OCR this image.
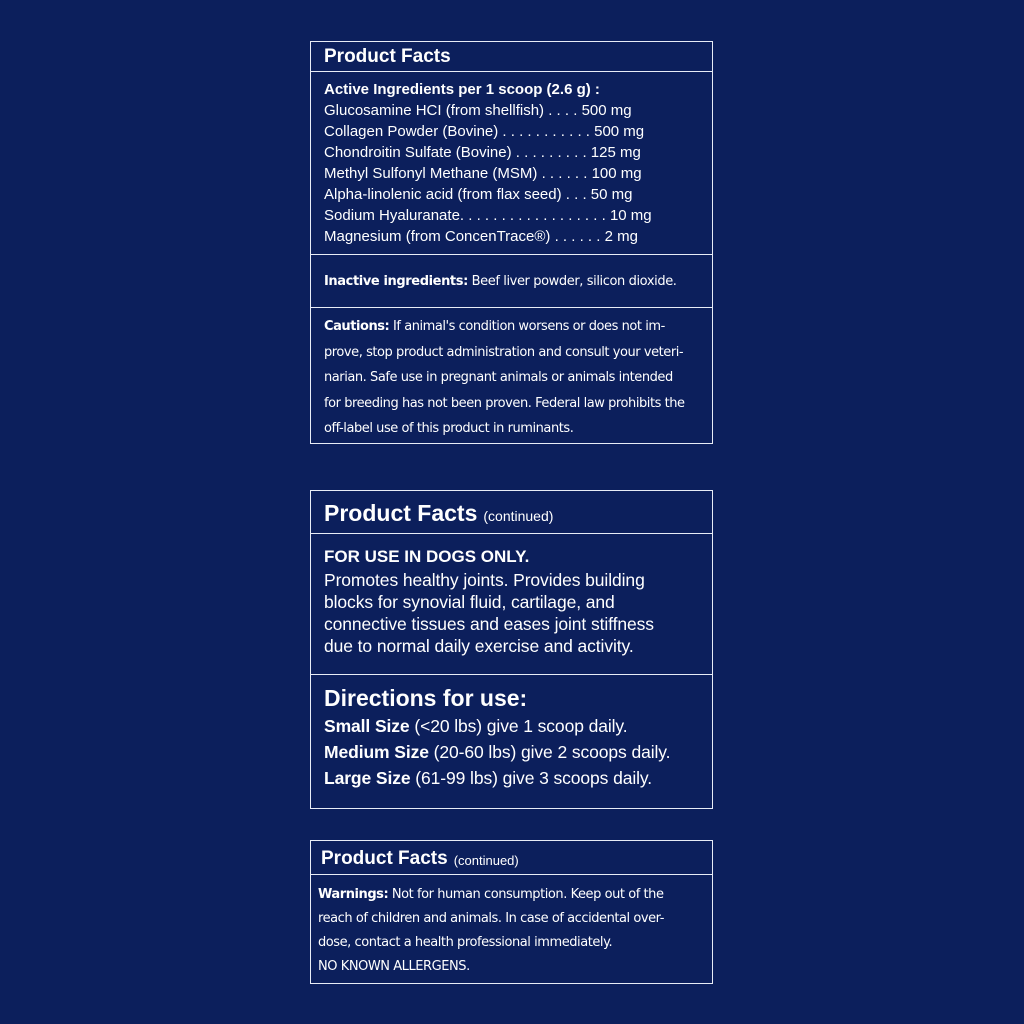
Product Facts
Active Ingredients per 1 scoop (2.6 g) :
Glucosamine HCI (from shellfish) . . . . 500 mg
Collagen Powder (Bovine) . . . . . . . . . . . 500 mg
Chondroitin Sulfate (Bovine) . . . . . . . . . 125 mg
Methyl Sulfonyl Methane (MSM) . . . . . . 100 mg
Alpha-linolenic acid (from flax seed) . . . 50 mg
Sodium Hyaluranate. . . . . . . . . . . . . . . . . . 10 mg
Magnesium (from ConcenTrace®) . . . . . . 2 mg
Inactive ingredients: Beef liver powder, silicon dioxide.
Cautions: If animal's condition worsens or does not im-
prove, stop product administration and consult your veteri-
narian. Safe use in pregnant animals or animals intended
for breeding has not been proven. Federal law prohibits the
off-label use of this product in ruminants.
Product Facts (continued)
FOR USE IN DOGS ONLY.
Promotes healthy joints. Provides building
blocks for synovial fluid, cartilage, and
connective tissues and eases joint stiffness
due to normal daily exercise and activity.
Directions for use:
Small Size (<20 lbs) give 1 scoop daily.
Medium Size (20-60 lbs) give 2 scoops daily.
Large Size (61-99 lbs) give 3 scoops daily.
Product Facts (continued)
Warnings: Not for human consumption. Keep out of the
reach of children and animals. In case of accidental over-
dose, contact a health professional immediately.
NO KNOWN ALLERGENS.
